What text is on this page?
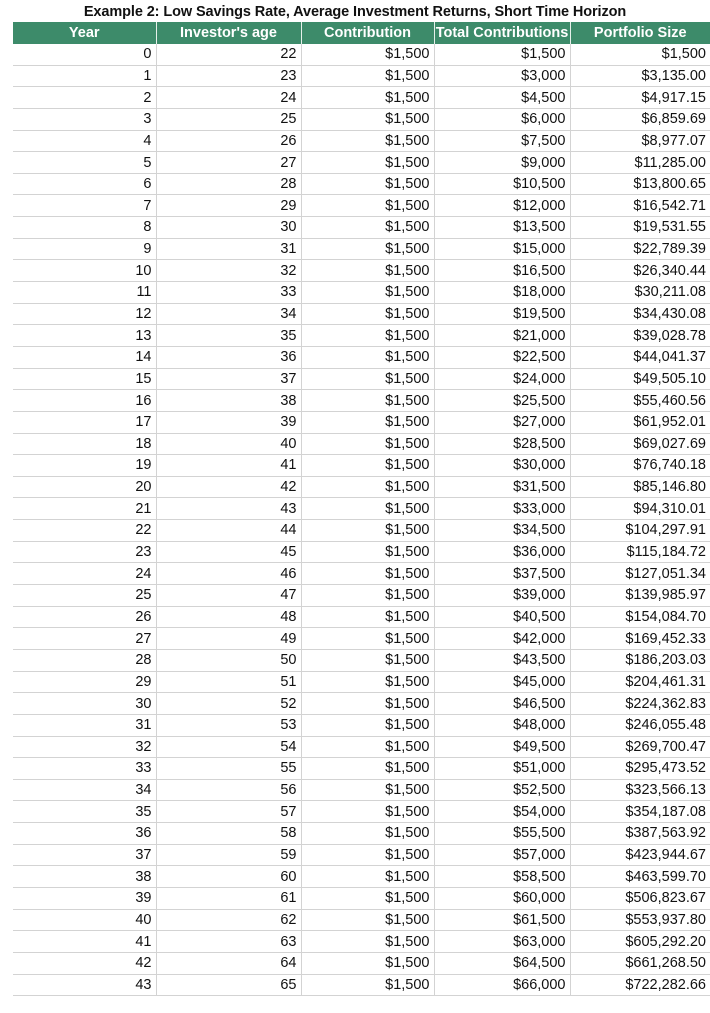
Example 2: Low Savings Rate, Average Investment Returns, Short Time Horizon
Year	Investor's age	Contribution	Total Contributions	Portfolio Size
0	22	$1,500	$1,500	$1,500
1	23	$1,500	$3,000	$3,135.00
2	24	$1,500	$4,500	$4,917.15
3	25	$1,500	$6,000	$6,859.69
4	26	$1,500	$7,500	$8,977.07
5	27	$1,500	$9,000	$11,285.00
6	28	$1,500	$10,500	$13,800.65
7	29	$1,500	$12,000	$16,542.71
8	30	$1,500	$13,500	$19,531.55
9	31	$1,500	$15,000	$22,789.39
10	32	$1,500	$16,500	$26,340.44
11	33	$1,500	$18,000	$30,211.08
12	34	$1,500	$19,500	$34,430.08
13	35	$1,500	$21,000	$39,028.78
14	36	$1,500	$22,500	$44,041.37
15	37	$1,500	$24,000	$49,505.10
16	38	$1,500	$25,500	$55,460.56
17	39	$1,500	$27,000	$61,952.01
18	40	$1,500	$28,500	$69,027.69
19	41	$1,500	$30,000	$76,740.18
20	42	$1,500	$31,500	$85,146.80
21	43	$1,500	$33,000	$94,310.01
22	44	$1,500	$34,500	$104,297.91
23	45	$1,500	$36,000	$115,184.72
24	46	$1,500	$37,500	$127,051.34
25	47	$1,500	$39,000	$139,985.97
26	48	$1,500	$40,500	$154,084.70
27	49	$1,500	$42,000	$169,452.33
28	50	$1,500	$43,500	$186,203.03
29	51	$1,500	$45,000	$204,461.31
30	52	$1,500	$46,500	$224,362.83
31	53	$1,500	$48,000	$246,055.48
32	54	$1,500	$49,500	$269,700.47
33	55	$1,500	$51,000	$295,473.52
34	56	$1,500	$52,500	$323,566.13
35	57	$1,500	$54,000	$354,187.08
36	58	$1,500	$55,500	$387,563.92
37	59	$1,500	$57,000	$423,944.67
38	60	$1,500	$58,500	$463,599.70
39	61	$1,500	$60,000	$506,823.67
40	62	$1,500	$61,500	$553,937.80
41	63	$1,500	$63,000	$605,292.20
42	64	$1,500	$64,500	$661,268.50
43	65	$1,500	$66,000	$722,282.66
